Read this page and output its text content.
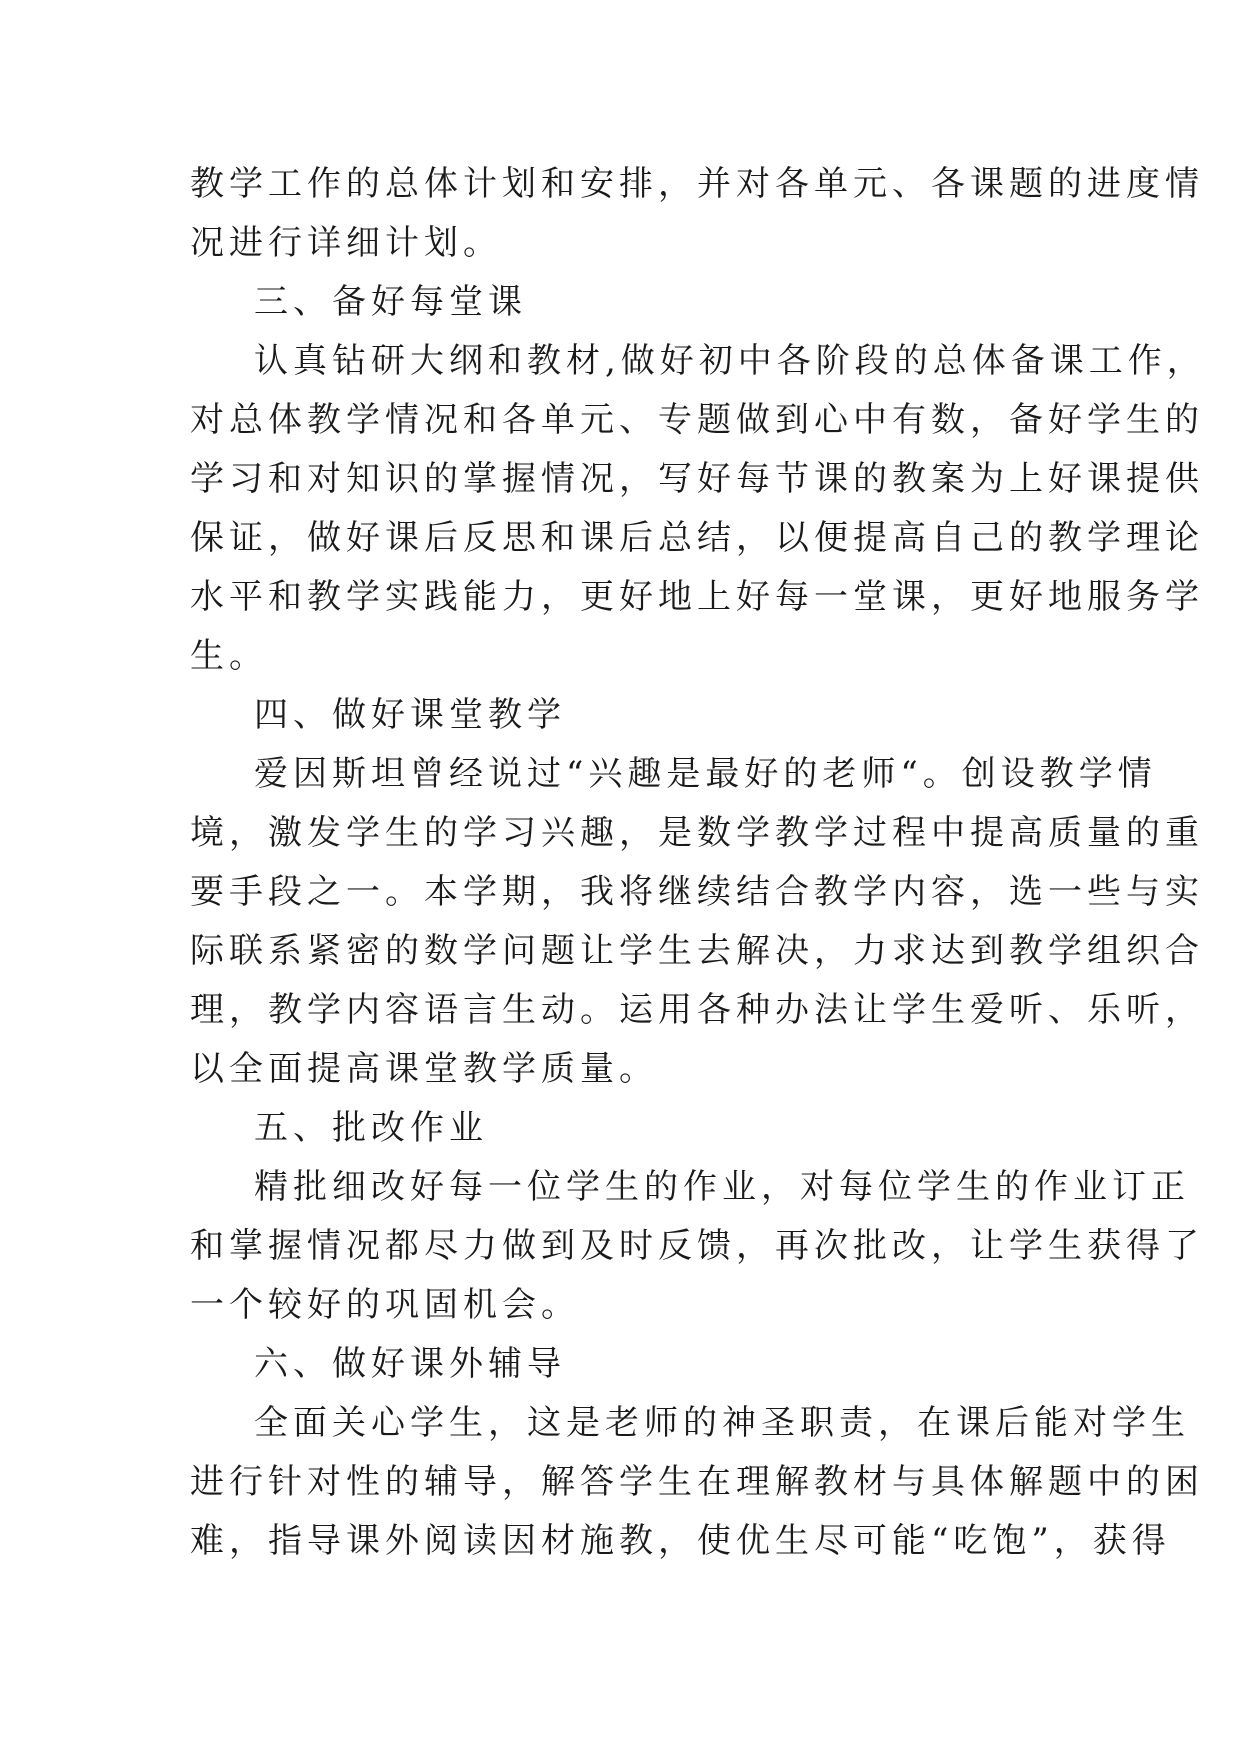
教学工作的总体计划和安排，并对各单元、各课题的进度情
况进行详细计划。
三、备好每堂课
认真钻研大纲和教材,做好初中各阶段的总体备课工作，
对总体教学情况和各单元、专题做到心中有数，备好学生的
学习和对知识的掌握情况，写好每节课的教案为上好课提供
保证，做好课后反思和课后总结，以便提高自己的教学理论
水平和教学实践能力，更好地上好每一堂课，更好地服务学
生。
四、做好课堂教学
爱因斯坦曾经说过“兴趣是最好的老师“。创设教学情
境，激发学生的学习兴趣，是数学教学过程中提高质量的重
要手段之一。本学期，我将继续结合教学内容，选一些与实
际联系紧密的数学问题让学生去解决，力求达到教学组织合
理，教学内容语言生动。运用各种办法让学生爱听、乐听，
以全面提高课堂教学质量。
五、批改作业
精批细改好每一位学生的作业，对每位学生的作业订正
和掌握情况都尽力做到及时反馈，再次批改，让学生获得了
一个较好的巩固机会。
六、做好课外辅导
全面关心学生，这是老师的神圣职责，在课后能对学生
进行针对性的辅导，解答学生在理解教材与具体解题中的困
难，指导课外阅读因材施教，使优生尽可能“吃饱”，获得
